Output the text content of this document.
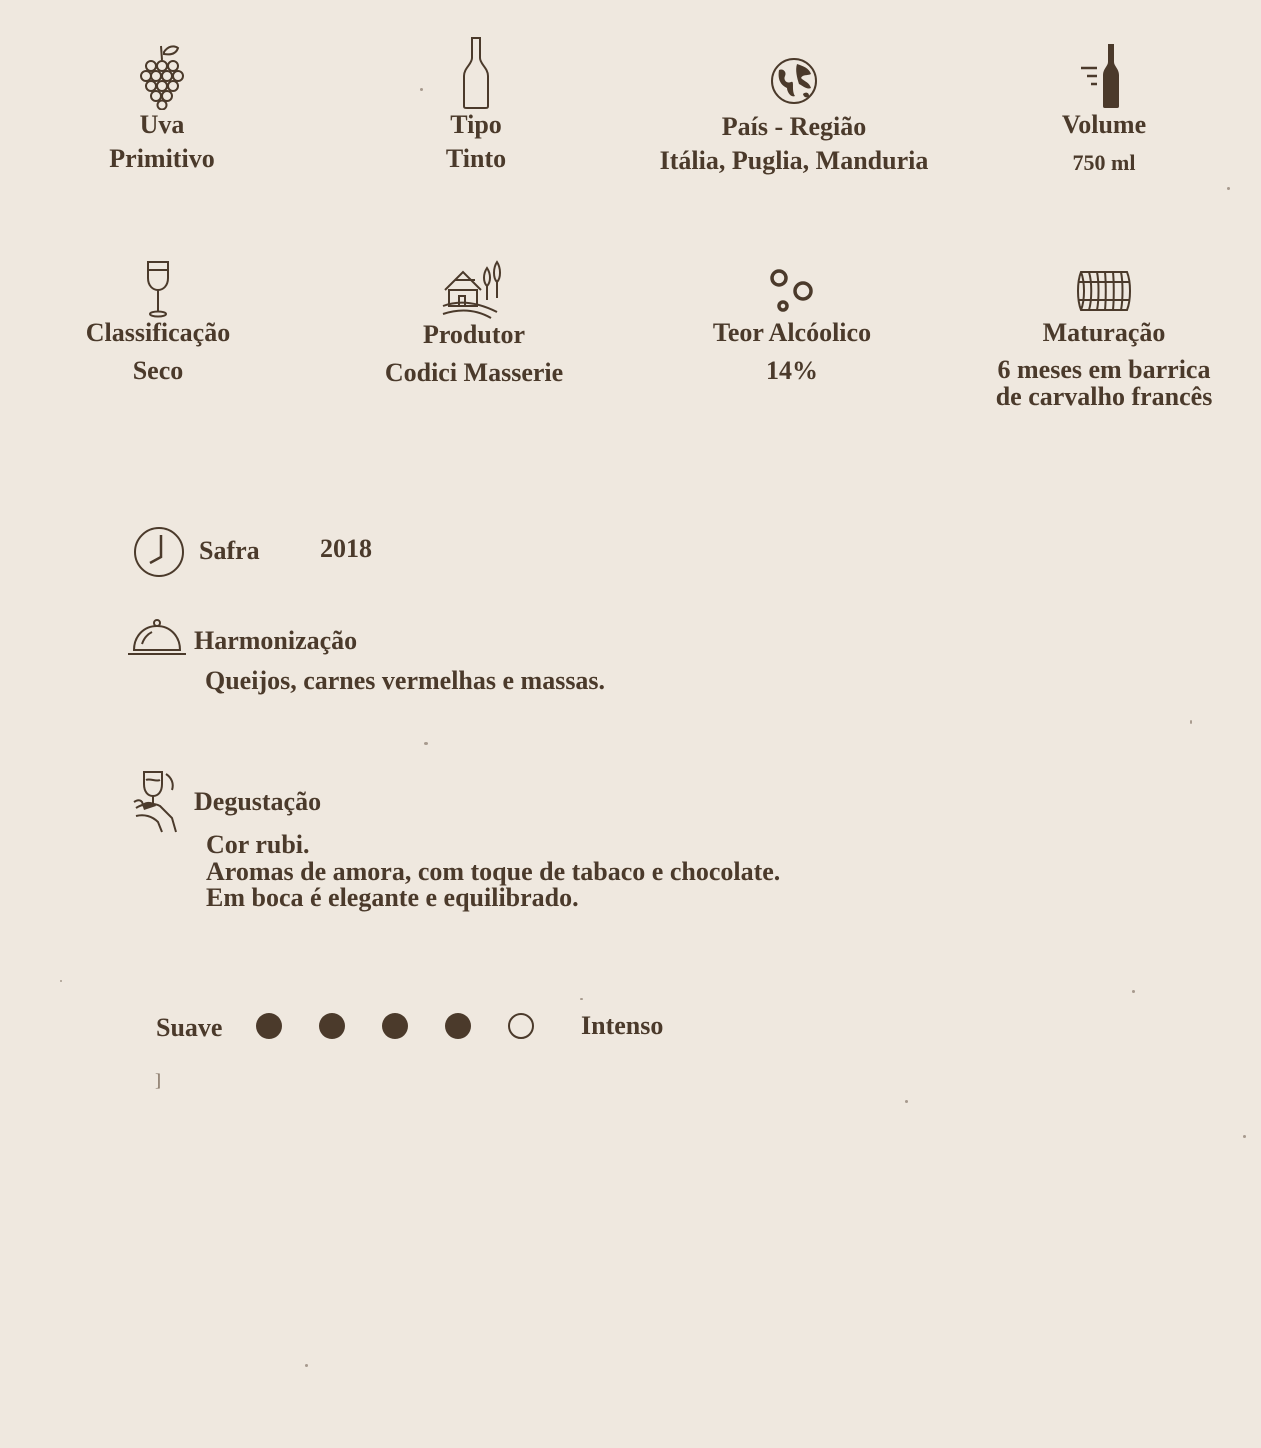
Uva
Primitivo
Tipo
Tinto
País - Região
Itália, Puglia, Manduria
Volume
750 ml
Classificação
Seco
Produtor
Codici Masserie
Teor Alcóolico
14%
Maturação
6 meses em barrica
de carvalho francês
Safra 2018
Harmonização
Queijos, carnes vermelhas e massas.
Degustação
Cor rubi.
Aromas de amora, com toque de tabaco e chocolate.
Em boca é elegante e equilibrado.
Suave	Intenso
]
